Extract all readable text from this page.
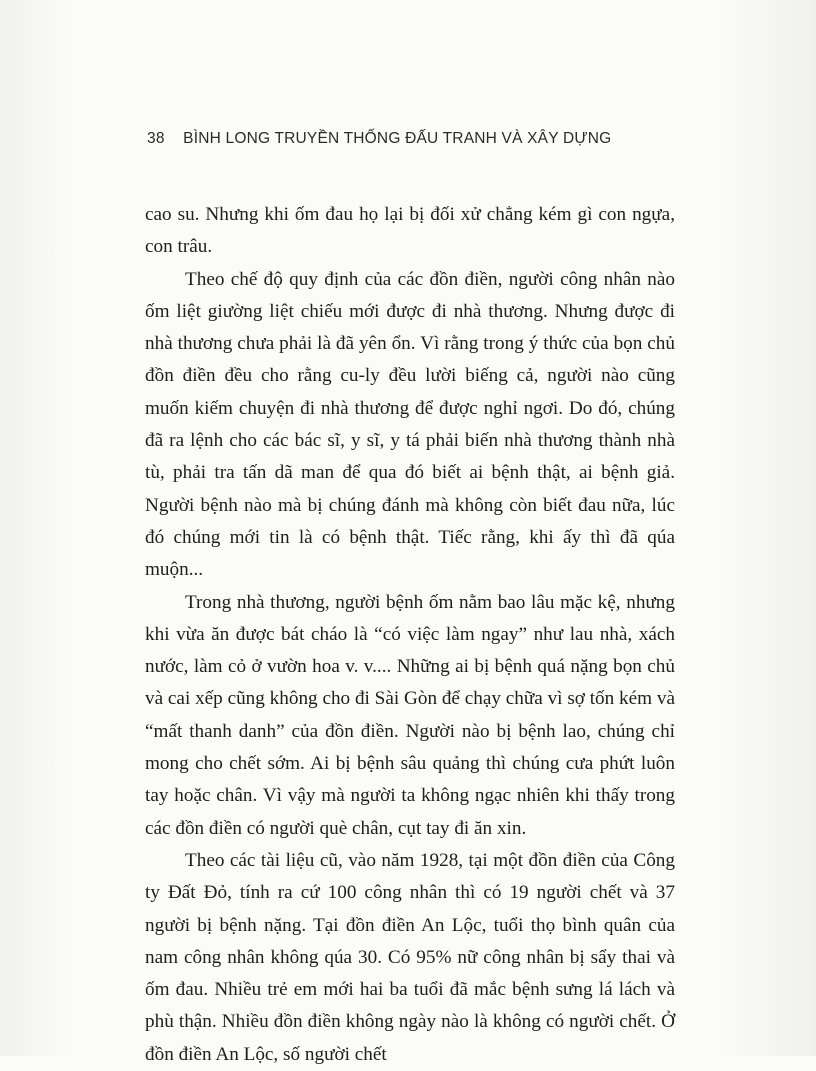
38 BÌNH LONG TRUYỀN THỐNG ĐẤU TRANH VÀ XÂY DỰNG

cao su. Nhưng khi ốm đau họ lại bị đối xử chẳng kém gì con ngựa, con trâu.

Theo chế độ quy định của các đồn điền, người công nhân nào ốm liệt giường liệt chiếu mới được đi nhà thương. Nhưng được đi nhà thương chưa phải là đã yên ổn. Vì rằng trong ý thức của bọn chủ đồn điền đều cho rằng cu-ly đều lười biếng cả, người nào cũng muốn kiếm chuyện đi nhà thương để được nghỉ ngơi. Do đó, chúng đã ra lệnh cho các bác sĩ, y sĩ, y tá phải biến nhà thương thành nhà tù, phải tra tấn dã man để qua đó biết ai bệnh thật, ai bệnh giả. Người bệnh nào mà bị chúng đánh mà không còn biết đau nữa, lúc đó chúng mới tin là có bệnh thật. Tiếc rằng, khi ấy thì đã qúa muộn...

Trong nhà thương, người bệnh ốm nằm bao lâu mặc kệ, nhưng khi vừa ăn được bát cháo là “có việc làm ngay” như lau nhà, xách nước, làm cỏ ở vườn hoa v. v.... Những ai bị bệnh quá nặng bọn chủ và cai xếp cũng không cho đi Sài Gòn để chạy chữa vì sợ tốn kém và “mất thanh danh” của đồn điền. Người nào bị bệnh lao, chúng chỉ mong cho chết sớm. Ai bị bệnh sâu quảng thì chúng cưa phứt luôn tay hoặc chân. Vì vậy mà người ta không ngạc nhiên khi thấy trong các đồn điền có người què chân, cụt tay đi ăn xin.

Theo các tài liệu cũ, vào năm 1928, tại một đồn điền của Công ty Đất Đỏ, tính ra cứ 100 công nhân thì có 19 người chết và 37 người bị bệnh nặng. Tại đồn điền An Lộc, tuổi thọ bình quân của nam công nhân không qúa 30. Có 95% nữ công nhân bị sẩy thai và ốm đau. Nhiều trẻ em mới hai ba tuổi đã mắc bệnh sưng lá lách và phù thận. Nhiều đồn điền không ngày nào là không có người chết. Ở đồn điền An Lộc, số người chết
